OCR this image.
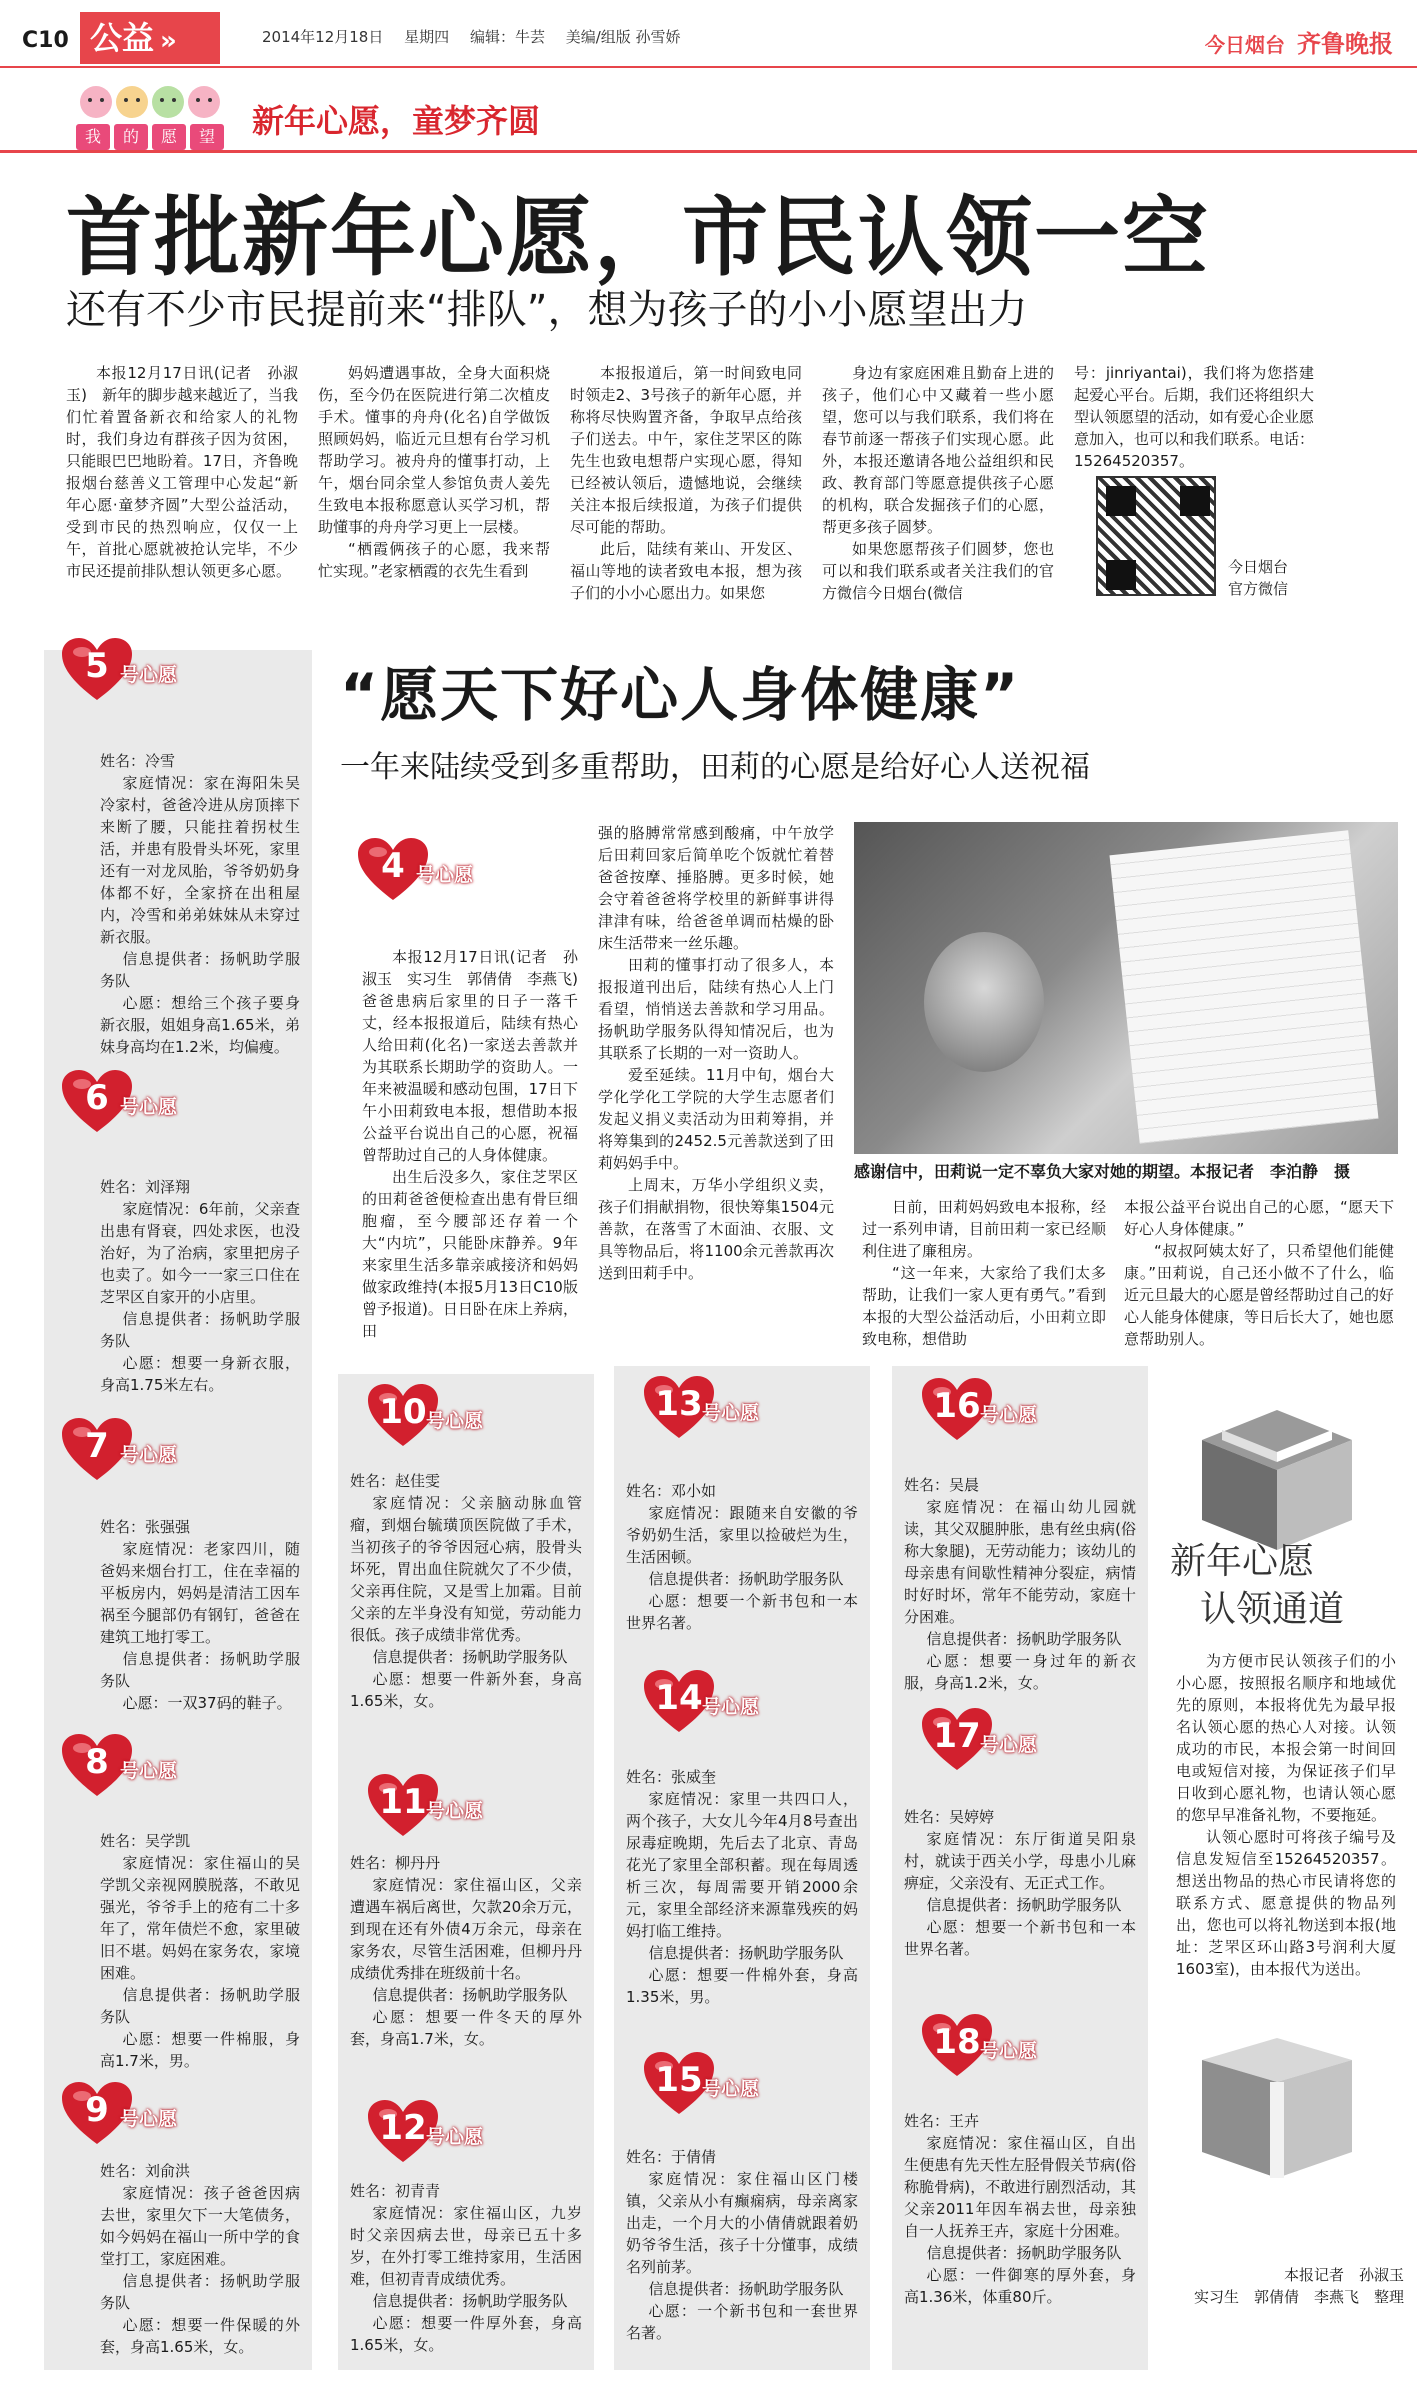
C10 公益 »	2014年12月18日 星期四 编辑：牛芸 美编/组版 孙雪娇	今日烟台 齐鲁晚报
我 的 愿 望	新年心愿，童梦齐圆
首批新年心愿，市民认领一空
还有不少市民提前来“排队”，想为孩子的小小愿望出力

本报12月17日讯(记者　孙淑玉)　新年的脚步越来越近了，当我们忙着置备新衣和给家人的礼物时，我们身边有群孩子因为贫困，只能眼巴巴地盼着。17日，齐鲁晚报烟台慈善义工管理中心发起“新年心愿·童梦齐圆”大型公益活动，受到市民的热烈响应，仅仅一上午，首批心愿就被抢认完毕，不少市民还提前排队想认领更多心愿。

妈妈遭遇事故，全身大面积烧伤，至今仍在医院进行第二次植皮手术。懂事的舟舟(化名)自学做饭照顾妈妈，临近元旦想有台学习机帮助学习。被舟舟的懂事打动，上午，烟台同余堂人参馆负责人姜先生致电本报称愿意认买学习机，帮助懂事的舟舟学习更上一层楼。

“栖霞俩孩子的心愿，我来帮忙实现。”老家栖霞的衣先生看到

本报报道后，第一时间致电同时领走2、3号孩子的新年心愿，并称将尽快购置齐备，争取早点给孩子们送去。中午，家住芝罘区的陈先生也致电想帮户实现心愿，得知已经被认领后，遗憾地说，会继续关注本报后续报道，为孩子们提供尽可能的帮助。

此后，陆续有莱山、开发区、福山等地的读者致电本报，想为孩子们的小小心愿出力。如果您

身边有家庭困难且勤奋上进的孩子，他们心中又藏着一些小愿望，您可以与我们联系，我们将在春节前逐一帮孩子们实现心愿。此外，本报还邀请各地公益组织和民政、教育部门等愿意提供孩子心愿的机构，联合发掘孩子们的心愿，帮更多孩子圆梦。

如果您愿帮孩子们圆梦，您也可以和我们联系或者关注我们的官方微信今日烟台(微信

号：jinriyantai)，我们将为您搭建起爱心平台。后期，我们还将组织大型认领愿望的活动，如有爱心企业愿意加入，也可以和我们联系。电话：15264520357。

今日烟台
官方微信
“愿天下好心人身体健康”
一年来陆续受到多重帮助，田莉的心愿是给好心人送祝福

本报12月17日讯(记者　孙淑玉　实习生　郭倩倩　李燕飞)　爸爸患病后家里的日子一落千丈，经本报报道后，陆续有热心人给田莉(化名)一家送去善款并为其联系长期助学的资助人。一年来被温暖和感动包围，17日下午小田莉致电本报，想借助本报公益平台说出自己的心愿，祝福曾帮助过自己的人身体健康。

出生后没多久，家住芝罘区的田莉爸爸便检查出患有骨巨细胞瘤，至今腰部还存着一个大“内坑”，只能卧床静养。9年来家里生活多靠亲戚接济和妈妈做家政维持(本报5月13日C10版曾予报道)。日日卧在床上养病，田

强的胳膊常常感到酸痛，中午放学后田莉回家后简单吃个饭就忙着替爸爸按摩、捶胳膊。更多时候，她会守着爸爸将学校里的新鲜事讲得津津有味，给爸爸单调而枯燥的卧床生活带来一丝乐趣。

田莉的懂事打动了很多人，本报报道刊出后，陆续有热心人上门看望，悄悄送去善款和学习用品。扬帆助学服务队得知情况后，也为其联系了长期的一对一资助人。

爱至延续。11月中旬，烟台大学化学化工学院的大学生志愿者们发起义捐义卖活动为田莉筹捐，并将筹集到的2452.5元善款送到了田莉妈妈手中。

上周末，万华小学组织义卖，孩子们捐献捐物，很快筹集1504元善款，在落雪了木面油、衣服、文具等物品后，将1100余元善款再次送到田莉手中。

感谢信中，田莉说一定不辜负大家对她的期望。本报记者　李泊静　摄

日前，田莉妈妈致电本报称，经过一系列申请，目前田莉一家已经顺利住进了廉租房。

“这一年来，大家给了我们太多帮助，让我们一家人更有勇气。”看到本报的大型公益活动后，小田莉立即致电称，想借助

本报公益平台说出自己的心愿，“愿天下好心人身体健康。”

“叔叔阿姨太好了，只希望他们能健康。”田莉说，自己还小做不了什么，临近元旦最大的心愿是曾经帮助过自己的好心人能身体健康，等日后长大了，她也愿意帮助别人。

5 号心愿

姓名：冷雪

家庭情况：家在海阳朱吴冷家村，爸爸冷进从房顶摔下来断了腰，只能拄着拐杖生活，并患有股骨头坏死，家里还有一对龙凤胎，爷爷奶奶身体都不好，全家挤在出租屋内，冷雪和弟弟妹妹从未穿过新衣服。

信息提供者：扬帆助学服务队

心愿：想给三个孩子要身新衣服，姐姐身高1.65米，弟妹身高均在1.2米，均偏瘦。

6 号心愿

姓名：刘泽翔

家庭情况：6年前，父亲查出患有肾衰，四处求医，也没治好，为了治病，家里把房子也卖了。如今一一家三口住在芝罘区自家开的小店里。

信息提供者：扬帆助学服务队

心愿：想要一身新衣服，身高1.75米左右。

7 号心愿

姓名：张强强

家庭情况：老家四川，随爸妈来烟台打工，住在幸福的平板房内，妈妈是清洁工因车祸至今腿部仍有钢钉，爸爸在建筑工地打零工。

信息提供者：扬帆助学服务队

心愿：一双37码的鞋子。

8 号心愿

姓名：吴学凯

家庭情况：家住福山的吴学凯父亲视网膜脱落，不敢见强光，爷爷手上的疮有二十多年了，常年债烂不愈，家里破旧不堪。妈妈在家务农，家境困难。

信息提供者：扬帆助学服务队

心愿：想要一件棉服，身高1.7米，男。

9 号心愿

姓名：刘俞洪

家庭情况：孩子爸爸因病去世，家里欠下一大笔债务，如今妈妈在福山一所中学的食堂打工，家庭困难。

信息提供者：扬帆助学服务队

心愿：想要一件保暖的外套，身高1.65米，女。

4 号心愿
10 号心愿

姓名：赵佳雯

家庭情况：父亲脑动脉血管瘤，到烟台毓璜顶医院做了手术，当初孩子的爷爷因冠心病，股骨头坏死，胃出血住院就欠了不少债，父亲再住院，又是雪上加霜。目前父亲的左半身没有知觉，劳动能力很低。孩子成绩非常优秀。

信息提供者：扬帆助学服务队

心愿：想要一件新外套，身高1.65米，女。

11 号心愿

姓名：柳丹丹

家庭情况：家住福山区，父亲遭遇车祸后离世，欠款20余万元，到现在还有外债4万余元，母亲在家务农，尽管生活困难，但柳丹丹成绩优秀排在班级前十名。

信息提供者：扬帆助学服务队

心愿：想要一件冬天的厚外套，身高1.7米，女。

12 号心愿

姓名：初青青

家庭情况：家住福山区，九岁时父亲因病去世，母亲已五十多岁，在外打零工维持家用，生活困难，但初青青成绩优秀。

信息提供者：扬帆助学服务队

心愿：想要一件厚外套，身高1.65米，女。

13 号心愿

姓名：邓小如

家庭情况：跟随来自安徽的爷爷奶奶生活，家里以捡破烂为生，生活困顿。

信息提供者：扬帆助学服务队

心愿：想要一个新书包和一本世界名著。

14 号心愿

姓名：张威奎

家庭情况：家里一共四口人，两个孩子，大女儿今年4月8号查出尿毒症晚期，先后去了北京、青岛花光了家里全部积蓄。现在每周透析三次，每周需要开销2000余元，家里全部经济来源靠残疾的妈妈打临工维持。

信息提供者：扬帆助学服务队

心愿：想要一件棉外套，身高1.35米，男。

15 号心愿

姓名：于倩倩

家庭情况：家住福山区门楼镇，父亲从小有癫痫病，母亲离家出走，一个月大的小倩倩就跟着奶奶爷爷生活，孩子十分懂事，成绩名列前茅。

信息提供者：扬帆助学服务队

心愿：一个新书包和一套世界名著。

16 号心愿

姓名：吴晨

家庭情况：在福山幼儿园就读，其父双腿肿胀，患有丝虫病(俗称大象腿)，无劳动能力；该幼儿的母亲患有间歇性精神分裂症，病情时好时坏，常年不能劳动，家庭十分困难。

信息提供者：扬帆助学服务队

心愿：想要一身过年的新衣服，身高1.2米，女。

17 号心愿

姓名：吴婷婷

家庭情况：东厅街道吴阳泉村，就读于西关小学，母患小儿麻痹症，父亲没有、无正式工作。

信息提供者：扬帆助学服务队

心愿：想要一个新书包和一本世界名著。

18 号心愿

姓名：王卉

家庭情况：家住福山区，自出生便患有先天性左胫骨假关节病(俗称脆骨病)，不敢进行剧烈活动，其父亲2011年因车祸去世，母亲独自一人抚养王卉，家庭十分困难。

信息提供者：扬帆助学服务队

心愿：一件御寒的厚外套，身高1.36米，体重80斤。

新年心愿
认领通道

为方便市民认领孩子们的小小心愿，按照报名顺序和地域优先的原则，本报将优先为最早报名认领心愿的热心人对接。认领成功的市民，本报会第一时间回电或短信对接，为保证孩子们早日收到心愿礼物，也请认领心愿的您早早准备礼物，不要拖延。

认领心愿时可将孩子编号及信息发短信至15264520357。想送出物品的热心市民请将您的联系方式、愿意提供的物品列出，您也可以将礼物送到本报(地址：芝罘区环山路3号润利大厦1603室)，由本报代为送出。

本报记者　孙淑玉
实习生　郭倩倩　李燕飞　整理
